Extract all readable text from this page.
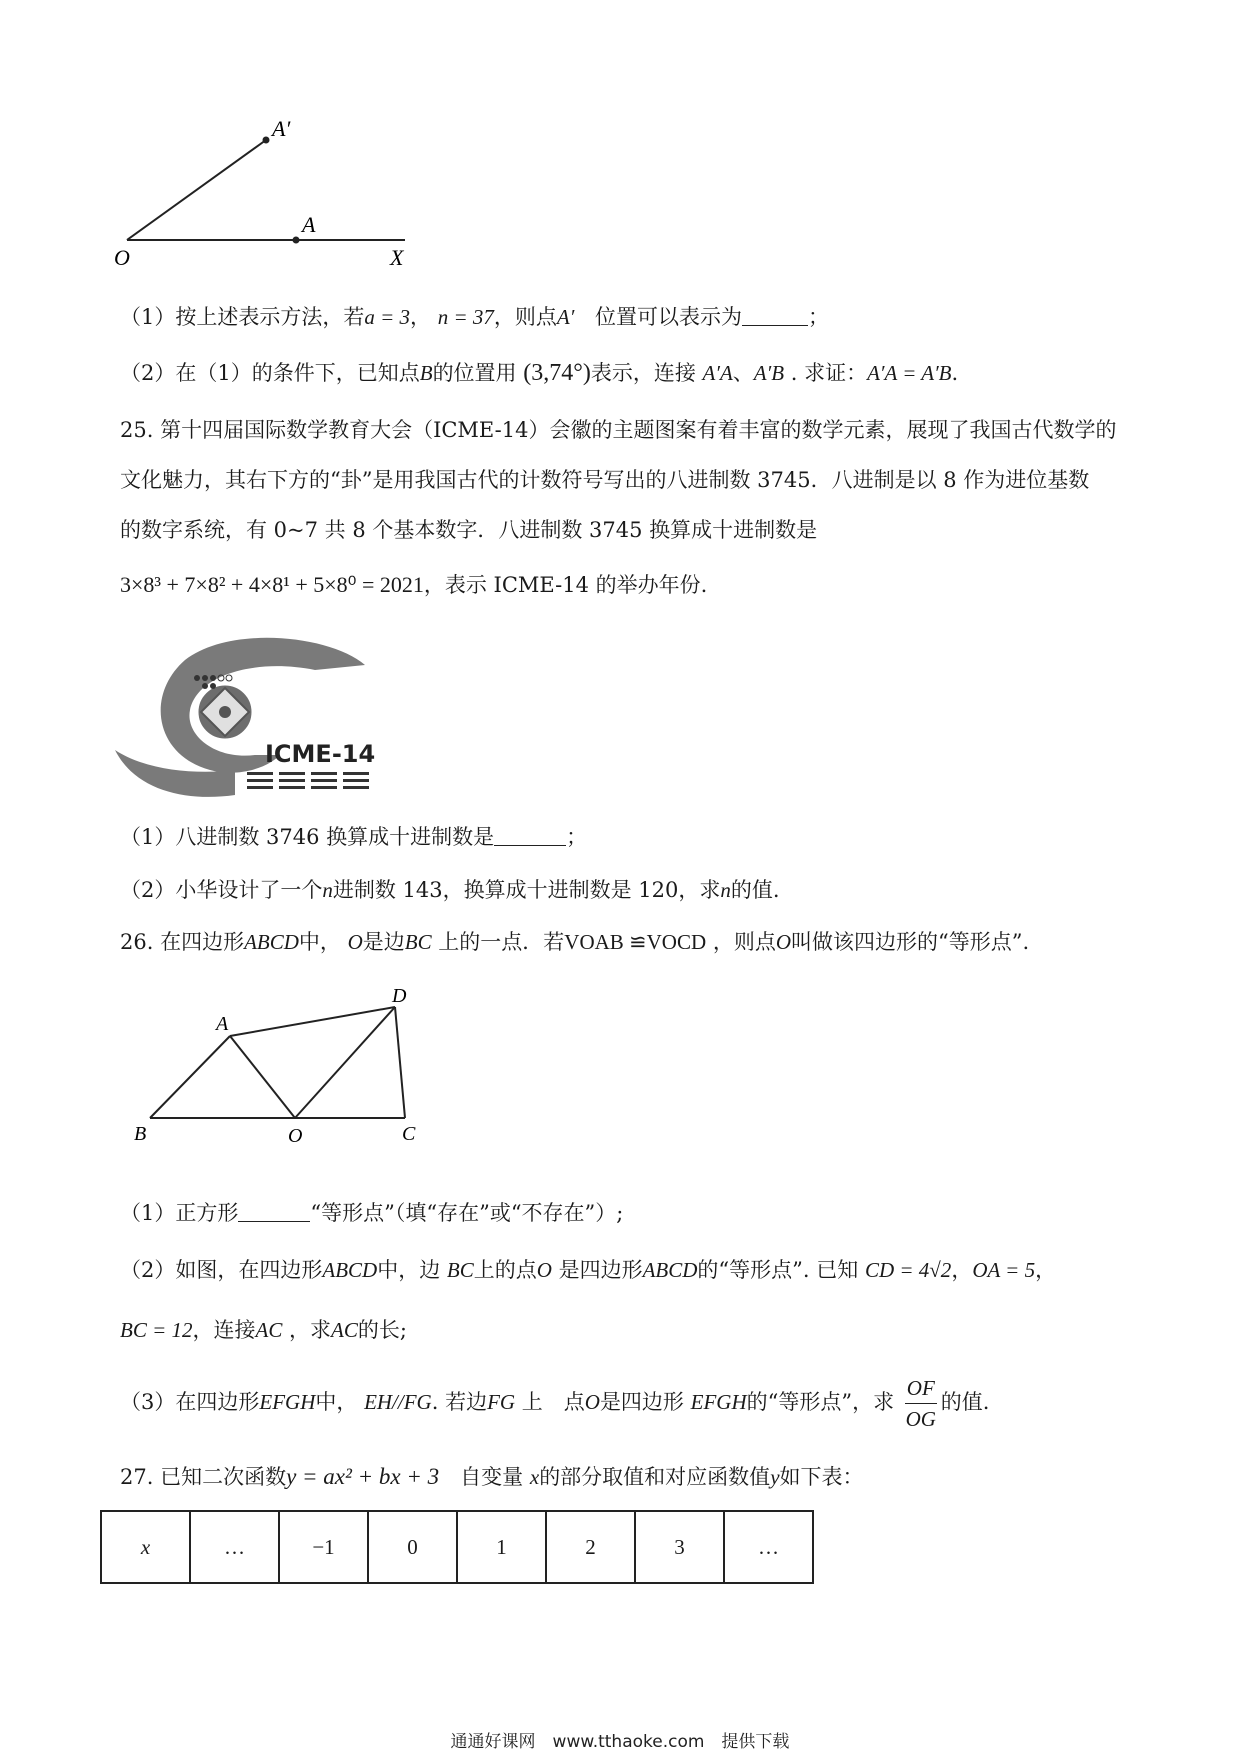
A′
A
O	X
（1）按上述表示方法，若a = 3， n = 37，则点A′ 位置可以表示为	；
（2）在（1）的条件下，已知点B的位置用 (3,74°)表示，连接 A′A、A′B . 求证：A′A = A′B.
25. 第十四届国际数学教育大会（ICME-14）会徽的主题图案有着丰富的数学元素，展现了我国古代数学的
文化魅力，其右下方的“卦”是用我国古代的计数符号写出的八进制数 3745．八进制是以 8 作为进位基数
的数字系统，有 0~7 共 8 个基本数字．八进制数 3745 换算成十进制数是
3×8³ + 7×8² + 4×8¹ + 5×8⁰ = 2021，表示 ICME-14 的举办年份.
ICME-14
（1）八进制数 3746 换算成十进制数是	；
（2）小华设计了一个n进制数 143，换算成十进制数是 120，求n的值.
26. 在四边形ABCD中， O是边BC 上的一点．若VOAB ≌VOCD ，则点O叫做该四边形的“等形点”.
A
D
B	O	C
（1）正方形	“等形点”（填“存在”或“不存在”）;
（2）如图，在四边形ABCD中，边 BC上的点O 是四边形ABCD的“等形点”. 已知 CD = 4√2，OA = 5，
BC = 12，连接AC ，求AC的长;
（3）在四边形EFGH中， EH//FG. 若边FG 上　点O是四边形 EFGH的“等形点”，求 $\frac{OF}{OG}$ 的值.
27. 已知二次函数y = ax² + bx + 3　自变量 x的部分取值和对应函数值y如下表：
x	…	−1	0	1	2	3	…
通通好课网　www.tthaoke.com　提供下载
